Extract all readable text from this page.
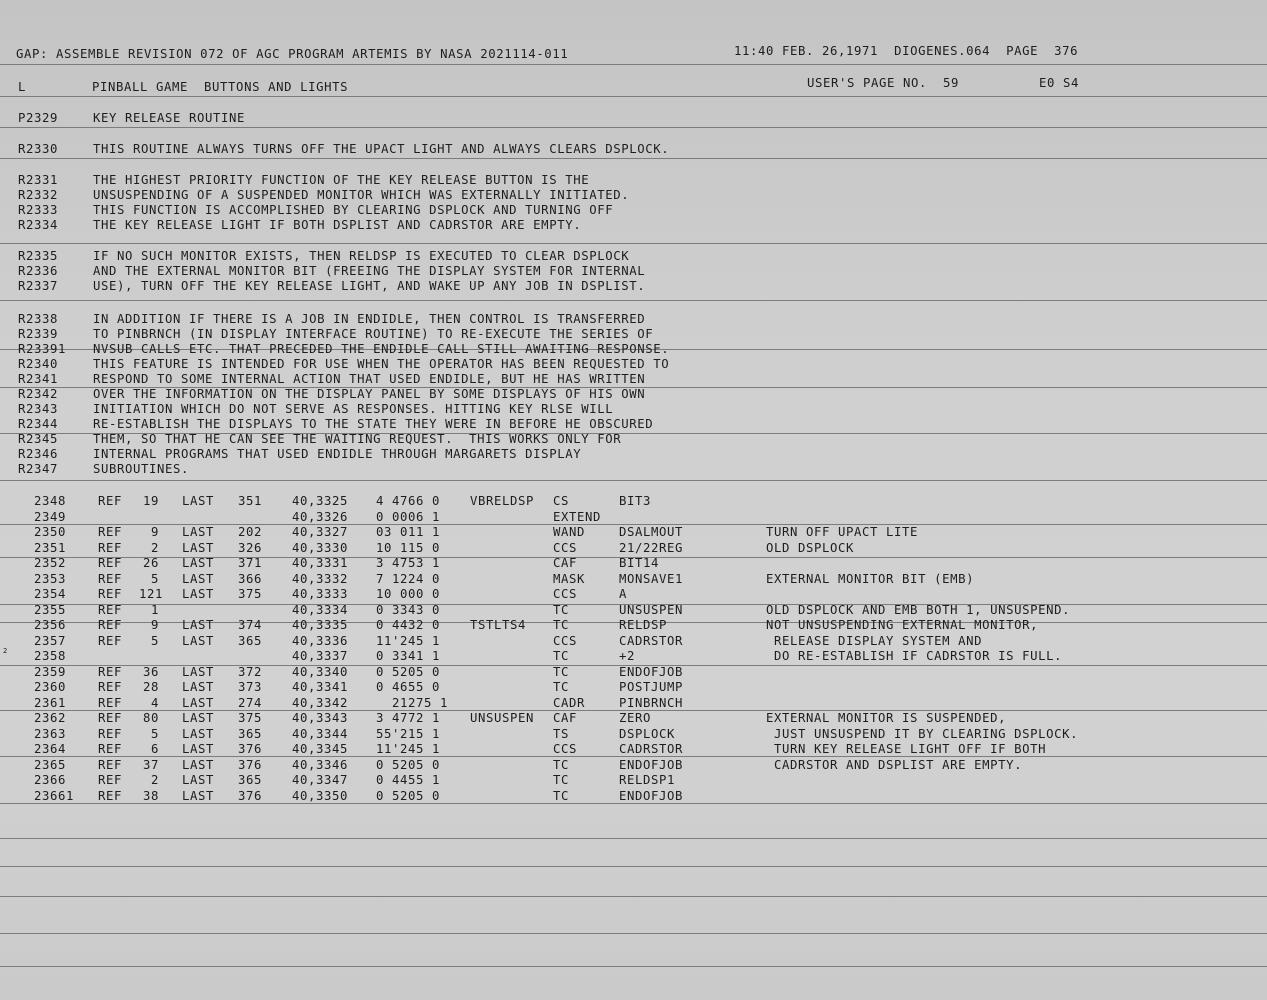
GAP: ASSEMBLE REVISION 072 OF AGC PROGRAM ARTEMIS BY NASA 2021114-011	11:40 FEB. 26,1971  DIOGENES.064  PAGE  376
L	PINBALL GAME  BUTTONS AND LIGHTS	USER'S PAGE NO.  59	E0 S4
P2329	KEY RELEASE ROUTINE
R2330	THIS ROUTINE ALWAYS TURNS OFF THE UPACT LIGHT AND ALWAYS CLEARS DSPLOCK.
R2331	THE HIGHEST PRIORITY FUNCTION OF THE KEY RELEASE BUTTON IS THE
R2332	UNSUSPENDING OF A SUSPENDED MONITOR WHICH WAS EXTERNALLY INITIATED.
R2333	THIS FUNCTION IS ACCOMPLISHED BY CLEARING DSPLOCK AND TURNING OFF
R2334	THE KEY RELEASE LIGHT IF BOTH DSPLIST AND CADRSTOR ARE EMPTY.
R2335	IF NO SUCH MONITOR EXISTS, THEN RELDSP IS EXECUTED TO CLEAR DSPLOCK
R2336	AND THE EXTERNAL MONITOR BIT (FREEING THE DISPLAY SYSTEM FOR INTERNAL
R2337	USE), TURN OFF THE KEY RELEASE LIGHT, AND WAKE UP ANY JOB IN DSPLIST.
R2338	IN ADDITION IF THERE IS A JOB IN ENDIDLE, THEN CONTROL IS TRANSFERRED
R2339	TO PINBRNCH (IN DISPLAY INTERFACE ROUTINE) TO RE-EXECUTE THE SERIES OF
R23391 NVSUB CALLS ETC. THAT PRECEDED THE ENDIDLE CALL STILL AWAITING RESPONSE.
R2340	THIS FEATURE IS INTENDED FOR USE WHEN THE OPERATOR HAS BEEN REQUESTED TO
R2341	RESPOND TO SOME INTERNAL ACTION THAT USED ENDIDLE, BUT HE HAS WRITTEN
R2342	OVER THE INFORMATION ON THE DISPLAY PANEL BY SOME DISPLAYS OF HIS OWN
R2343	INITIATION WHICH DO NOT SERVE AS RESPONSES. HITTING KEY RLSE WILL
R2344	RE-ESTABLISH THE DISPLAYS TO THE STATE THEY WERE IN BEFORE HE OBSCURED
R2345	THEM, SO THAT HE CAN SEE THE WAITING REQUEST.  THIS WORKS ONLY FOR
R2346	INTERNAL PROGRAMS THAT USED ENDIDLE THROUGH MARGARETS DISPLAY
R2347	SUBROUTINES.
2348	REF	19 LAST 351 40,3325 4 4766 0 VBRELDSP CS	BIT3
2349	40,3326 0 0006 1	EXTEND
2350	REF	9 LAST 202 40,3327 03 011 1	WAND	DSALMOUT	TURN OFF UPACT LITE
2351	REF	2 LAST 326 40,3330 10 115 0	CCS	21/22REG	OLD DSPLOCK
2352	REF	26 LAST 371 40,3331 3 4753 1	CAF	BIT14
2353	REF	5 LAST 366 40,3332 7 1224 0	MASK	MONSAVE1	EXTERNAL MONITOR BIT (EMB)
2354	REF 121 LAST 375 40,3333 10 000 0	CCS	A
2355	REF	1	40,3334 0 3343 0	TC	UNSUSPEN	OLD DSPLOCK AND EMB BOTH 1, UNSUSPEND.
2356	REF	9 LAST 374 40,3335 0 4432 0 TSTLTS4 TC	RELDSP	NOT UNSUSPENDING EXTERNAL MONITOR,
2357	REF	5 LAST 365 40,3336 11'245 1	CCS	CADRSTOR	RELEASE DISPLAY SYSTEM AND
2358	40,3337 0 3341 1	TC	+2	DO RE-ESTABLISH IF CADRSTOR IS FULL.
2359	REF	36 LAST 372 40,3340 0 5205 0	TC	ENDOFJOB
2360	REF	28 LAST 373 40,3341 0 4655 0	TC	POSTJUMP
2361	REF	4 LAST 274 40,3342 21275 1	CADR	PINBRNCH
2362	REF	80 LAST 375 40,3343 3 4772 1 UNSUSPEN CAF	ZERO	EXTERNAL MONITOR IS SUSPENDED,
2363	REF	5 LAST 365 40,3344 55'215 1	TS	DSPLOCK	JUST UNSUSPEND IT BY CLEARING DSPLOCK.
2364	REF	6 LAST 376 40,3345 11'245 1	CCS	CADRSTOR	TURN KEY RELEASE LIGHT OFF IF BOTH
2365	REF	37 LAST 376 40,3346 0 5205 0	TC	ENDOFJOB	CADRSTOR AND DSPLIST ARE EMPTY.
2366	REF	2 LAST 365 40,3347 0 4455 1	TC	RELDSP1
23661 REF	38 LAST 376 40,3350 0 5205 0	TC	ENDOFJOB
2
